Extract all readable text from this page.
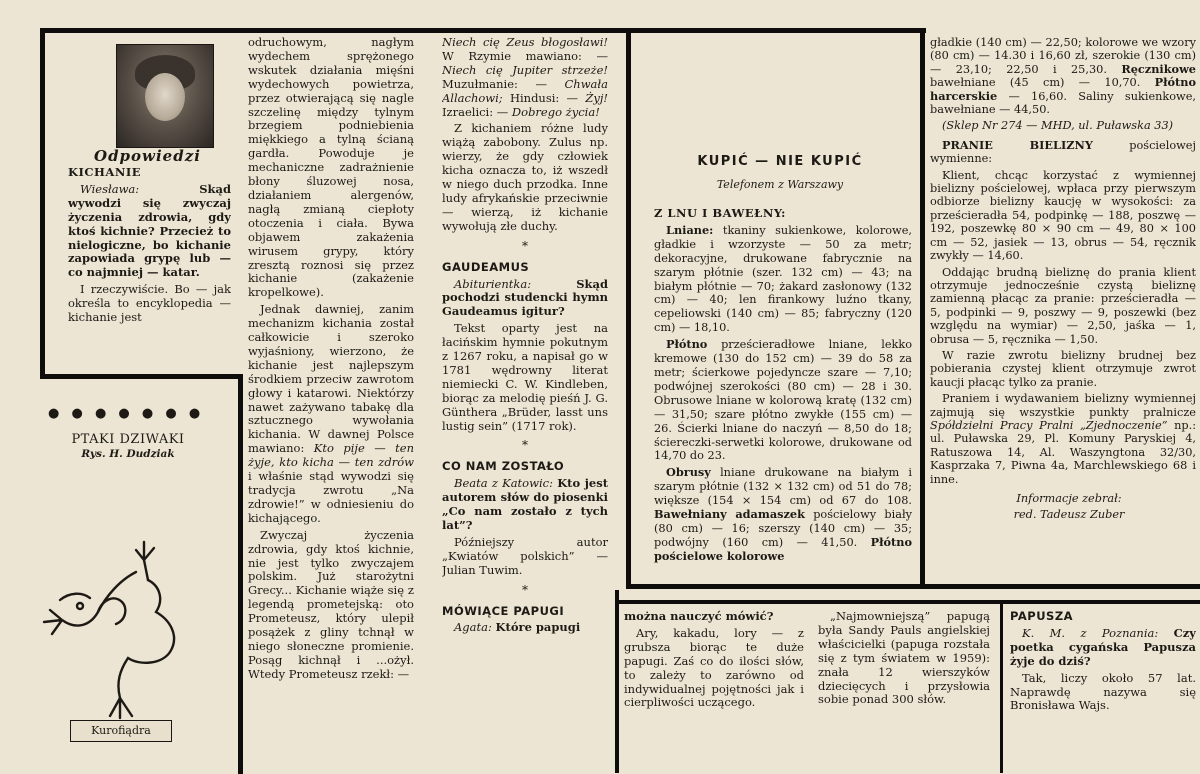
Odpowiedzi
KICHANIE

Wiesława:	Skąd wywodzi się zwyczaj życzenia zdrowia, gdy ktoś kichnie? Przecież to nielogiczne, bo kichanie zapowiada grypę lub — co najmniej — katar.

I rzeczywiście. Bo — jak określa to encyklopedia — kichanie jest

● ● ● ● ● ● ●
PTAKI DZIWAKI
Rys. H. Dudziak
Kurofiądra

odruchowym, nagłym wydechem sprężonego wskutek działania mięśni wydechowych powietrza, przez otwierającą się nagle szczelinę między tylnym brzegiem podniebienia miękkiego a tylną ścianą gardła. Powoduje je mechaniczne zadrażnienie błony śluzowej nosa, działaniem alergenów, nagłą zmianą ciepłoty otoczenia i ciała. Bywa objawem zakażenia wirusem grypy, który zresztą roznosi się przez kichanie (zakażenie kropelkowe).

Jednak dawniej, zanim mechanizm kichania został całkowicie i szeroko wyjaśniony, wierzono, że kichanie jest najlepszym środkiem przeciw zawrotom głowy i katarowi. Niektórzy nawet zażywano tabakę dla sztucznego wywołania kichania. W dawnej Polsce mawiano: Kto pije — ten żyje, kto kicha — ten zdrów i właśnie stąd wywodzi się tradycja zwrotu „Na zdrowie!” w odniesieniu do kichającego.

Zwyczaj życzenia zdrowia, gdy ktoś kichnie, nie jest tylko zwyczajem polskim. Już starożytni Grecy... Kichanie wiąże się z legendą prometejską: oto Prometeusz, który ulepił posążek z gliny tchnął w niego słoneczne promienie. Posąg kichnął i ...ożył. Wtedy Prometeusz rzekł: —

Niech cię Zeus błogosławi! W Rzymie mawiano: — Niech cię Jupiter strzeże! Muzułmanie: — Chwała Allachowi; Hindusi: — Żyj! Izraelici: — Dobrego życia!

Z kichaniem różne ludy wiążą zabobony. Zulus np. wierzy, że gdy człowiek kicha oznacza to, iż wszedł w niego duch przodka. Inne ludy afrykańskie przeciwnie — wierzą, iż kichanie wywołują złe duchy.

*
GAUDEAMUS

Abiturientka:	Skąd pochodzi studencki hymn Gaudeamus igitur?

Tekst oparty jest na łacińskim hymnie pokutnym z 1267 roku, a napisał go w 1781 wędrowny literat niemiecki C. W. Kindleben, biorąc za melodię pieśń J. G. Günthera „Brüder, lasst uns lustig sein” (1717 rok).

*
CO NAM ZOSTAŁO

Beata z Katowic: Kto jest autorem słów do piosenki „Co nam zostało z tych lat”?

Późniejszy autor „Kwiatów polskich” — Julian Tuwim.

*
MÓWIĄCE PAPUGI

Agata: Które papugi

KUPIĆ — NIE KUPIĆ
Telefonem z Warszawy
Z LNU I BAWEŁNY:

Lniane: tkaniny sukienkowe, kolorowe, gładkie i wzorzyste — 50 za metr; dekoracyjne, drukowane fabrycznie na szarym płótnie (szer. 132 cm) — 43; na białym płótnie — 70; żakard zasłonowy (132 cm) — 40; len firankowy luźno tkany, cepeliowski (140 cm) — 85; fabryczny (120 cm) — 18,10.

Płótno prześcieradłowe lniane, lekko kremowe (130 do 152 cm) — 39 do 58 za metr; ścierkowe pojedyncze szare — 7,10; podwójnej szerokości (80 cm) — 28 i 30. Obrusowe lniane w kolorową kratę (132 cm) — 31,50; szare płótno zwykłe (155 cm) — 26. Ścierki lniane do naczyń — 8,50 do 18; ściereczki-serwetki kolorowe, drukowane od 14,70 do 23.

Obrusy lniane drukowane na białym i szarym płótnie (132 × 132 cm) od 51 do 78; większe (154 × 154 cm) od 67 do 108. Bawełniany adamaszek pościelowy biały (80 cm) — 16; szerszy (140 cm) — 35; podwójny (160 cm) — 41,50. Płótno pościelowe kolorowe

gładkie (140 cm) — 22,50; kolorowe we wzory (80 cm) — 14.30 i 16,60 zł, szerokie (130 cm) — 23,10; 22,50 i 25,30. Ręcznikowe bawełniane (45 cm) — 10,70. Płótno harcerskie — 16,60. Saliny sukienkowe, bawełniane — 44,50.

(Sklep Nr 274 — MHD, ul. Puławska 33)

PRANIE BIELIZNY	pościelowej wymienne:

Klient, chcąc korzystać z wymiennej bielizny pościelowej, wpłaca przy pierwszym odbiorze bielizny kaucję w wysokości: za prześcieradła 54, podpinkę — 188, poszwę — 192, poszewkę 80 × 90 cm — 49, 80 × 100 cm — 52, jasiek — 13, obrus — 54, ręcznik zwykły — 14,60.

Oddając brudną bieliznę do prania klient otrzymuje jednocześnie czystą bieliznę zamienną płacąc za pranie: prześcieradła — 5, podpinki — 9, poszwy — 9, poszewki (bez względu na wymiar) — 2,50, jaśka — 1, obrusa — 5, ręcznika — 1,50.

W razie zwrotu bielizny brudnej bez pobierania czystej klient otrzymuje zwrot kaucji płacąc tylko za pranie.

Praniem i wydawaniem bielizny wymiennej zajmują się wszystkie punkty pralnicze Spółdzielni Pracy Pralni „Zjednoczenie” np.: ul. Puławska 29, Pl. Komuny Paryskiej 4, Ratuszowa 14, Al. Waszyngtona 32/30, Kasprzaka 7, Piwna 4a, Marchlewskiego 68 i inne.

Informacje zebrał:

red. Tadeusz Zuber

można nauczyć mówić?

Ary, kakadu, lory — z grubsza biorąc te duże papugi. Zaś co do ilości słów, to zależy to zarówno od indywidualnej pojętności jak i cierpliwości uczącego.

„Najmowniejszą” papugą była Sandy Pauls angielskiej właścicielki (papuga rozstała się z tym światem w 1959): znała 12 wierszyków dziecięcych i przysłowia sobie ponad 300 słów.

PAPUSZA

K. M. z Poznania: Czy poetka cygańska Papusza żyje do dziś?

Tak, liczy około 57 lat. Naprawdę nazywa się Bronisława Wajs.
